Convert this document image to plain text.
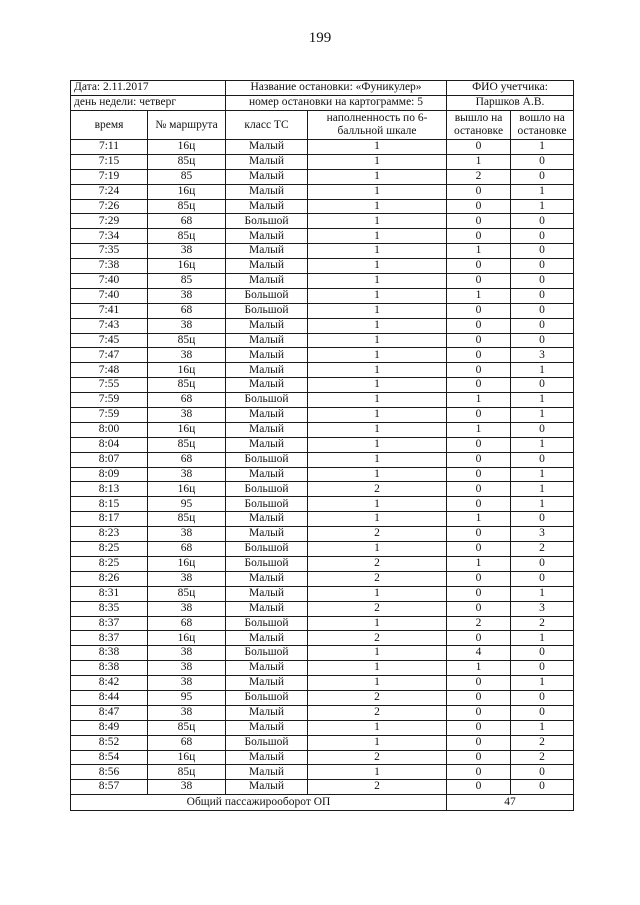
199
Дата: 2.11.2017		Название остановки: «Фуникулер»		ФИО учетчика:	
день недели: четверг		номер остановки на картограмме: 5		Паршков А.В.	
время	№ маршрута	класс ТС	наполненность по 6-балльной шкале	вышло на остановке	вошло на остановке
7:11	16ц	Малый	1	0	1
7:15	85ц	Малый	1	1	0
7:19	85	Малый	1	2	0
7:24	16ц	Малый	1	0	1
7:26	85ц	Малый	1	0	1
7:29	68	Большой	1	0	0
7:34	85ц	Малый	1	0	0
7:35	38	Малый	1	1	0
7:38	16ц	Малый	1	0	0
7:40	85	Малый	1	0	0
7:40	38	Большой	1	1	0
7:41	68	Большой	1	0	0
7:43	38	Малый	1	0	0
7:45	85ц	Малый	1	0	0
7:47	38	Малый	1	0	3
7:48	16ц	Малый	1	0	1
7:55	85ц	Малый	1	0	0
7:59	68	Большой	1	1	1
7:59	38	Малый	1	0	1
8:00	16ц	Малый	1	1	0
8:04	85ц	Малый	1	0	1
8:07	68	Большой	1	0	0
8:09	38	Малый	1	0	1
8:13	16ц	Большой	2	0	1
8:15	95	Большой	1	0	1
8:17	85ц	Малый	1	1	0
8:23	38	Малый	2	0	3
8:25	68	Большой	1	0	2
8:25	16ц	Большой	2	1	0
8:26	38	Малый	2	0	0
8:31	85ц	Малый	1	0	1
8:35	38	Малый	2	0	3
8:37	68	Большой	1	2	2
8:37	16ц	Малый	2	0	1
8:38	38	Большой	1	4	0
8:38	38	Малый	1	1	0
8:42	38	Малый	1	0	1
8:44	95	Большой	2	0	0
8:47	38	Малый	2	0	0
8:49	85ц	Малый	1	0	1
8:52	68	Большой	1	0	2
8:54	16ц	Малый	2	0	2
8:56	85ц	Малый	1	0	0
8:57	38	Малый	2	0	0
Общий пассажирооборот ОП				47	
